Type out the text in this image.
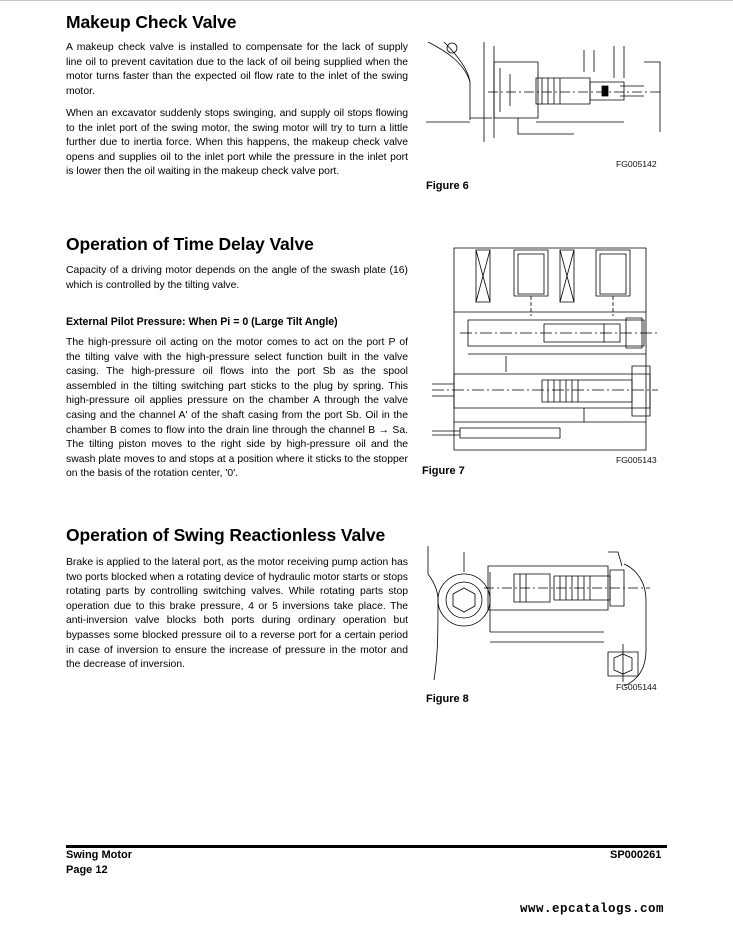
Makeup Check Valve

A makeup check valve is installed to compensate for the lack of supply line oil to prevent cavitation due to the lack of oil being supplied when the motor turns faster than the expected oil flow rate to the inlet of the swing motor.

When an excavator suddenly stops swinging, and supply oil stops flowing to the inlet port of the swing motor, the swing motor will try to turn a little further due to inertia force. When this happens, the makeup check valve opens and supplies oil to the inlet port while the pressure in the inlet port is lower then the oil waiting in the makeup check valve port.

FG005142
Figure 6
Operation of Time Delay Valve

Capacity of a driving motor depends on the angle of the swash plate (16) which is controlled by the tilting valve.

External Pilot Pressure: When Pi = 0 (Large Tilt Angle)

The high-pressure oil acting on the motor comes to act on the port P of the tilting valve with the high-pressure select function built in the valve casing. The high-pressure oil flows into the port Sb as the spool assembled in the tilting switching part sticks to the plug by spring. This high-pressure oil applies pressure on the chamber A through the valve casing and the channel A' of the shaft casing from the port Sb. Oil in the chamber B comes to flow into the drain line through the channel B → Sa. The tilting piston moves to the right side by high-pressure oil and the swash plate moves to and stops at a position where it sticks to the stopper on the basis of the rotation center, '0'.

FG005143
Figure 7
Operation of Swing Reactionless Valve

Brake is applied to the lateral port, as the motor receiving pump action has two ports blocked when a rotating device of hydraulic motor starts or stops rotating parts by controlling switching valves. While rotating parts stop operation due to this brake pressure, 4 or 5 inversions take place. The anti-inversion valve blocks both ports during ordinary operation but bypasses some blocked pressure oil to a reverse port for a certain period in case of inversion to ensure the increase of pressure in the motor and the decrease of inversion.

FG005144
Figure 8
Swing Motor
Page 12
SP000261
www.epcatalogs.com
